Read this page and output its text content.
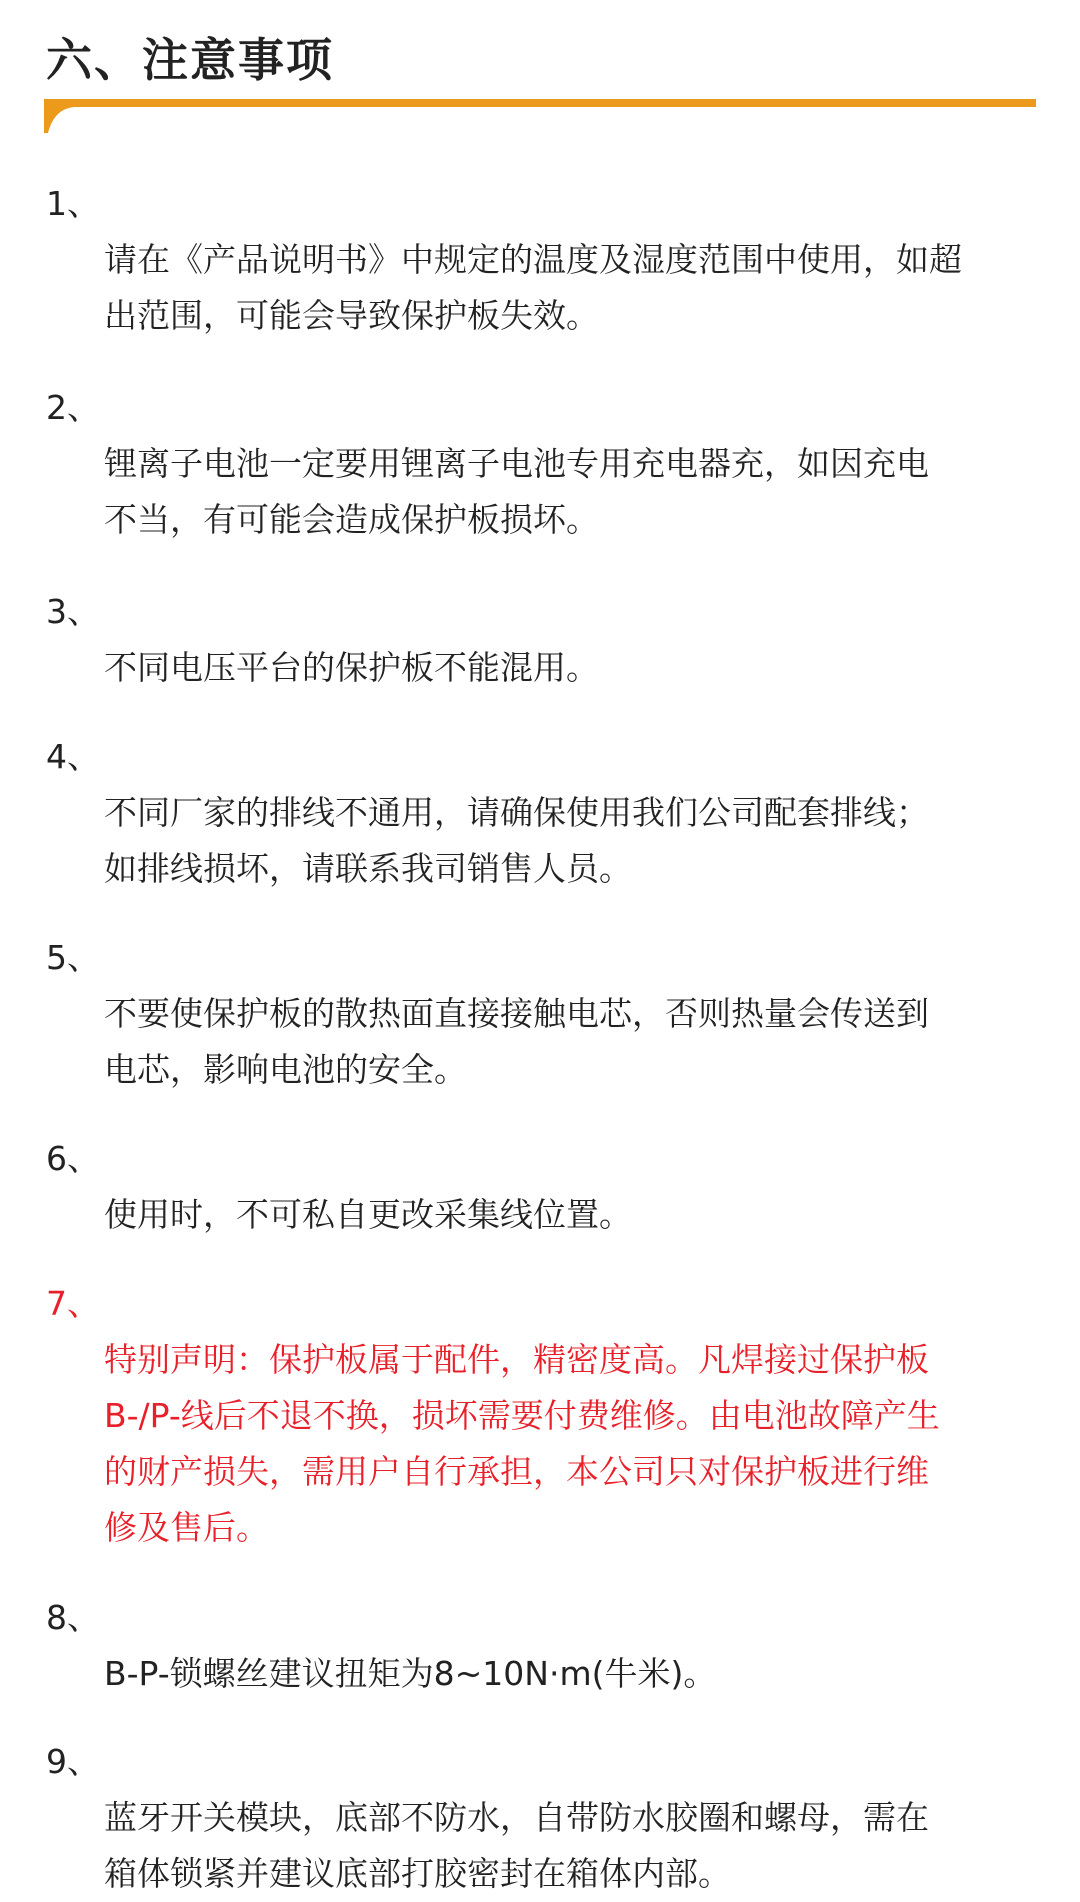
六、注意事项

1、
请在《产品说明书》中规定的温度及湿度范围中使用，如超
出范围，可能会导致保护板失效。

2、
锂离子电池一定要用锂离子电池专用充电器充，如因充电
不当，有可能会造成保护板损坏。

3、
不同电压平台的保护板不能混用。

4、
不同厂家的排线不通用，请确保使用我们公司配套排线；
如排线损坏，请联系我司销售人员。

5、
不要使保护板的散热面直接接触电芯，否则热量会传送到
电芯，影响电池的安全。

6、
使用时，不可私自更改采集线位置。

7、
特别声明：保护板属于配件，精密度高。凡焊接过保护板
B-/P-线后不退不换，损坏需要付费维修。由电池故障产生
的财产损失，需用户自行承担，本公司只对保护板进行维
修及售后。

8、
B-P-锁螺丝建议扭矩为8~10N·m(牛米)。

9、
蓝牙开关模块，底部不防水，自带防水胶圈和螺母，需在
箱体锁紧并建议底部打胶密封在箱体内部。
